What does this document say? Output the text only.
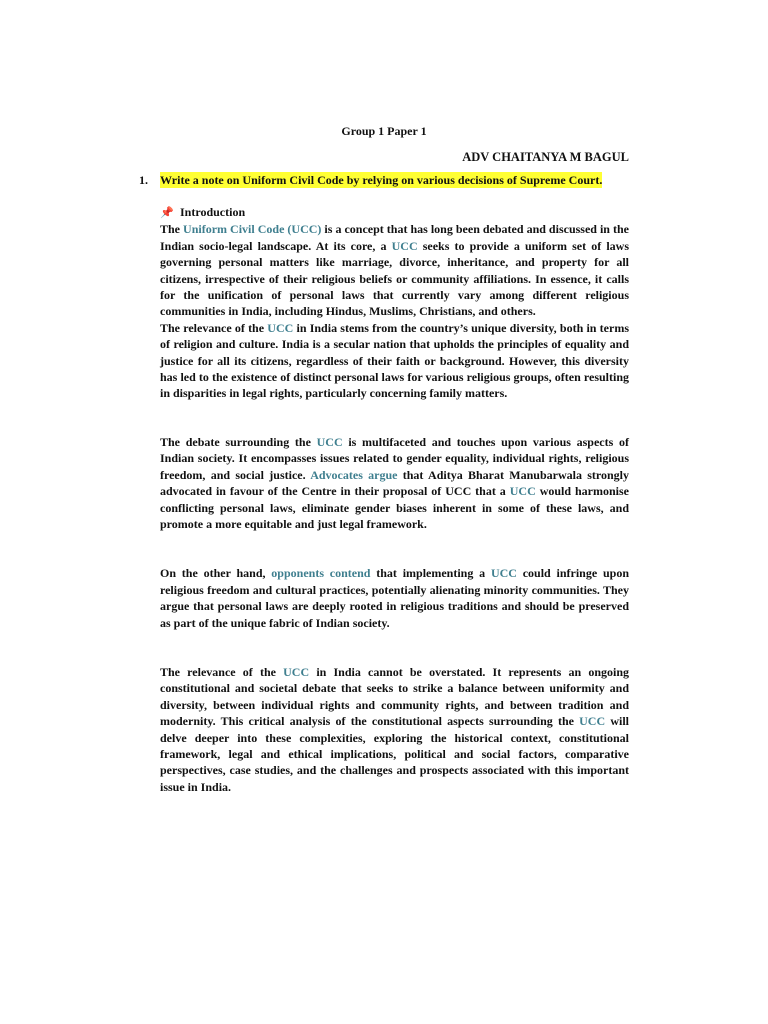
Group 1 Paper 1

ADV CHAITANYA M BAGUL

1. Write a note on Uniform Civil Code by relying on various decisions of Supreme Court.

📌 Introduction

The Uniform Civil Code (UCC) is a concept that has long been debated and discussed in the Indian socio-legal landscape. At its core, a UCC seeks to provide a uniform set of laws governing personal matters like marriage, divorce, inheritance, and property for all citizens, irrespective of their religious beliefs or community affiliations. In essence, it calls for the unification of personal laws that currently vary among different religious communities in India, including Hindus, Muslims, Christians, and others.

The relevance of the UCC in India stems from the country’s unique diversity, both in terms of religion and culture. India is a secular nation that upholds the principles of equality and justice for all its citizens, regardless of their faith or background. However, this diversity has led to the existence of distinct personal laws for various religious groups, often resulting in disparities in legal rights, particularly concerning family matters.

The debate surrounding the UCC is multifaceted and touches upon various aspects of Indian society. It encompasses issues related to gender equality, individual rights, religious freedom, and social justice. Advocates argue that Aditya Bharat Manubarwala strongly advocated in favour of the Centre in their proposal of UCC that a UCC would harmonise conflicting personal laws, eliminate gender biases inherent in some of these laws, and promote a more equitable and just legal framework.

On the other hand, opponents contend that implementing a UCC could infringe upon religious freedom and cultural practices, potentially alienating minority communities. They argue that personal laws are deeply rooted in religious traditions and should be preserved as part of the unique fabric of Indian society.

The relevance of the UCC in India cannot be overstated. It represents an ongoing constitutional and societal debate that seeks to strike a balance between uniformity and diversity, between individual rights and community rights, and between tradition and modernity. This critical analysis of the constitutional aspects surrounding the UCC will delve deeper into these complexities, exploring the historical context, constitutional framework, legal and ethical implications, political and social factors, comparative perspectives, case studies, and the challenges and prospects associated with this important issue in India.
